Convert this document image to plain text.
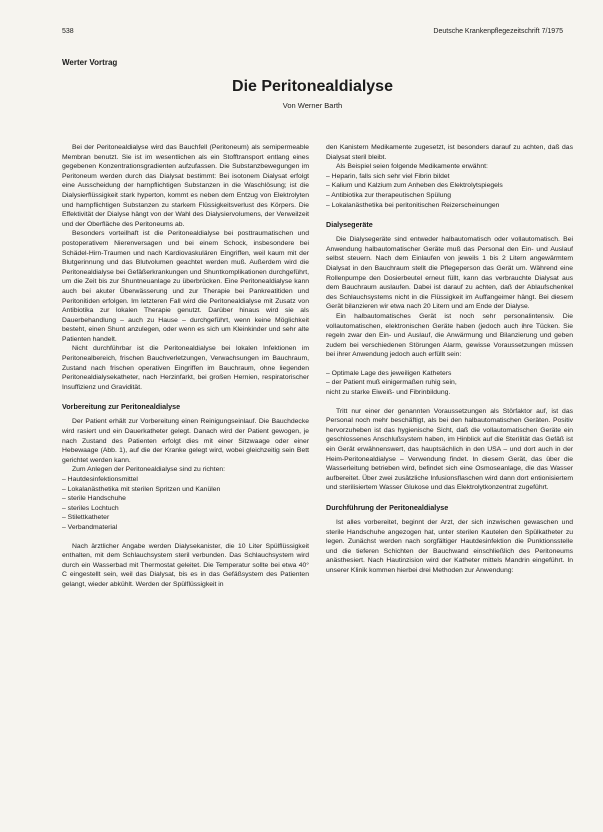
538	Deutsche Krankenpflegezeitschrift 7/1975
Werter Vortrag
Die Peritonealdialyse
Von Werner Barth

Bei der Peritonealdialyse wird das Bauchfell (Peritoneum) als semipermeable Membran benutzt. Sie ist im wesentlichen als ein Stofftransport entlang eines gegebenen Konzentrationsgradienten aufzufassen. Die Substanzbewegungen im Peritoneum werden durch das Dialysat bestimmt: Bei isotonem Dialysat erfolgt eine Ausscheidung der harnpflichtigen Substanzen in die Waschlösung; ist die Dialysierflüssigkeit stark hyperton, kommt es neben dem Entzug von Elektrolyten und harnpflichtigen Substanzen zu starkem Flüssigkeitsverlust des Körpers. Die Effektivität der Dialyse hängt von der Wahl des Dialysiervolumens, der Verweilzeit und der Oberfläche des Peritoneums ab.

Besonders vorteilhaft ist die Peritonealdialyse bei posttraumatischen und postoperativem Nierenversagen und bei einem Schock, insbesondere bei Schädel-Hirn-Traumen und nach Kardiovaskulären Eingriffen, weil kaum mit der Blutgerinnung und das Blutvolumen geachtet werden muß. Außerdem wird die Peritonealdialyse bei Gefäßerkrankungen und Shuntkomplikationen durchgeführt, um die Zeit bis zur Shuntneuanlage zu überbrücken. Eine Peritonealdialyse kann auch bei akuter Überwässerung und zur Therapie bei Pankreatitiden und Peritonitiden erfolgen. Im letzteren Fall wird die Peritonealdialyse mit Zusatz von Antibiotika zur lokalen Therapie genutzt. Darüber hinaus wird sie als Dauerbehandlung – auch zu Hause – durchgeführt, wenn keine Möglichkeit besteht, einen Shunt anzulegen, oder wenn es sich um Kleinkinder und sehr alte Patienten handelt.

Nicht durchführbar ist die Peritonealdialyse bei lokalen Infektionen im Peritonealbereich, frischen Bauchverletzungen, Verwachsungen im Bauchraum, Zustand nach frischen operativen Eingriffen im Bauchraum, ohne liegenden Peritonealdialysekatheter, nach Herzinfarkt, bei großen Hernien, respiratorischer Insuffizienz und Gravidität.

Vorbereitung zur Peritonealdialyse

Der Patient erhält zur Vorbereitung einen Reinigungseinlauf. Die Bauchdecke wird rasiert und ein Dauerkatheter gelegt. Danach wird der Patient gewogen, je nach Zustand des Patienten erfolgt dies mit einer Sitzwaage oder einer Hebewaage (Abb. 1), auf die der Kranke gelegt wird, wobei gleichzeitig sein Bett gerichtet werden kann.

Zum Anlegen der Peritonealdialyse sind zu richten:

– Hautdesinfektionsmittel
– Lokalanästhetika mit sterilen Spritzen und Kanülen
– sterile Handschuhe
– steriles Lochtuch
– Stilettkatheter
– Verbandmaterial

Nach ärztlicher Angabe werden Dialysekanister, die 10 Liter Spülflüssigkeit enthalten, mit dem Schlauchsystem steril verbunden. Das Schlauchsystem wird durch ein Wasserbad mit Thermostat geleitet. Die Temperatur sollte bei etwa 40° C eingestellt sein, weil das Dialysat, bis es in das Gefäßsystem des Patienten gelangt, wieder abkühlt. Werden der Spülflüssigkeit in

den Kanistern Medikamente zugesetzt, ist besonders darauf zu achten, daß das Dialysat steril bleibt.

Als Beispiel seien folgende Medikamente erwähnt:

– Heparin, falls sich sehr viel Fibrin bildet
– Kalium und Kalzium zum Anheben des Elektrolytspiegels
– Antibiotika zur therapeutischen Spülung
– Lokalanästhetika bei peritonitischen Reizerscheinungen
Dialysegeräte

Die Dialysegeräte sind entweder halbautomatisch oder vollautomatisch. Bei Anwendung halbautomatischer Geräte muß das Personal den Ein- und Auslauf selbst steuern. Nach dem Einlaufen von jeweils 1 bis 2 Litern angewärmtem Dialysat in den Bauchraum stellt die Pflegeperson das Gerät um. Während eine Rollenpumpe den Dosierbeutel erneut füllt, kann das verbrauchte Dialysat aus dem Bauchraum auslaufen. Dabei ist darauf zu achten, daß der Ablaufschenkel des Schlauchsystems nicht in die Flüssigkeit im Auffangeimer hängt. Bei diesem Gerät bilanzieren wir etwa nach 20 Litern und am Ende der Dialyse.

Ein halbautomatisches Gerät ist noch sehr personalintensiv. Die vollautomatischen, elektronischen Geräte haben (jedoch auch ihre Tücken. Sie regeln zwar den Ein- und Auslauf, die Anwärmung und Bilanzierung und geben zudem bei verschiedenen Störungen Alarm, gewisse Voraussetzungen müssen bei ihrer Anwendung jedoch auch erfüllt sein:

– Optimale Lage des jeweiligen Katheters
– der Patient muß einigermaßen ruhig sein,
nicht zu starke Eiweiß- und Fibrinbildung.

Tritt nur einer der genannten Voraussetzungen als Störfaktor auf, ist das Personal noch mehr beschäftigt, als bei den halbautomatischen Geräten. Positiv hervorzuheben ist das hygienische Sicht, daß die vollautomatischen Geräte ein geschlossenes Anschlußsystem haben, im Hinblick auf die Sterilität das Gefäß ist ein Gerät erwähnenswert, das hauptsächlich in den USA – und dort auch in der Heim-Peritonealdialyse – Verwendung findet. In diesem Gerät, das über die Wasserleitung betrieben wird, befindet sich eine Osmoseanlage, die das Wasser aufbereitet. Über zwei zusätzliche Infusionsflaschen wird dann dort entionisiertem und sterilisiertem Wasser Glukose und das Elektrolytkonzentrat zugeführt.

Durchführung der Peritonealdialyse

Ist alles vorbereitet, beginnt der Arzt, der sich inzwischen gewaschen und sterile Handschuhe angezogen hat, unter sterilen Kautelen den Spülkatheter zu legen. Zunächst werden nach sorgfältiger Hautdesinfektion die Punktionsstelle und die tieferen Schichten der Bauchwand einschließlich des Peritoneums anästhesiert. Nach Hautinzision wird der Katheter mittels Mandrin eingeführt. In unserer Klinik kommen hierbei drei Methoden zur Anwendung:
